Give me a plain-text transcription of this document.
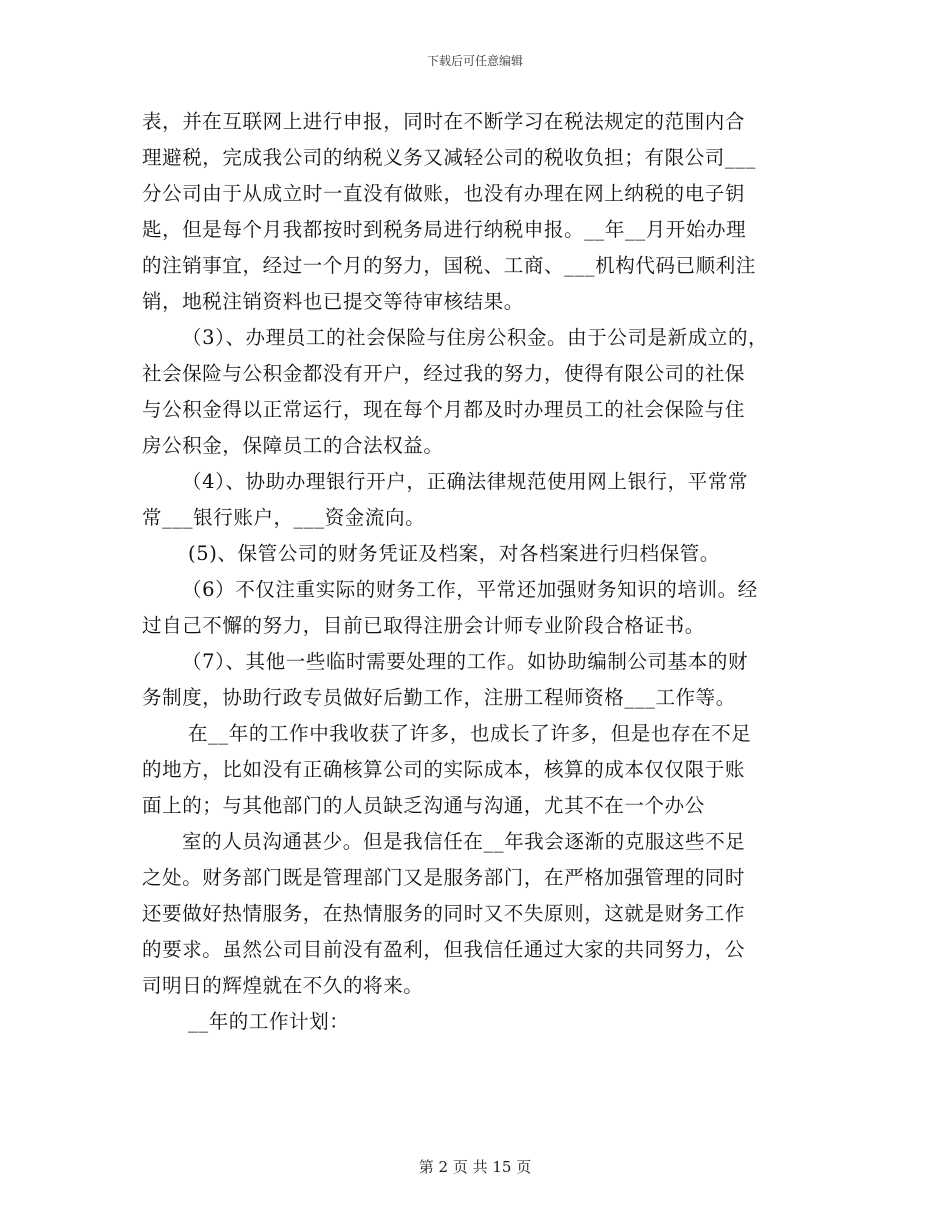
下载后可任意编辑
表，并在互联网上进行申报，同时在不断学习在税法规定的范围内合
理避税，完成我公司的纳税义务又减轻公司的税收负担；有限公司___
分公司由于从成立时一直没有做账，也没有办理在网上纳税的电子钥
匙，但是每个月我都按时到税务局进行纳税申报。__年__月开始办理
的注销事宜，经过一个月的努力，国税、工商、___机构代码已顺利注
销，地税注销资料也已提交等待审核结果。
（3）、办理员工的社会保险与住房公积金。由于公司是新成立的，
社会保险与公积金都没有开户，经过我的努力，使得有限公司的社保
与公积金得以正常运行，现在每个月都及时办理员工的社会保险与住
房公积金，保障员工的合法权益。
（4）、协助办理银行开户，正确法律规范使用网上银行，平常常
常___银行账户，___资金流向。
(5)、保管公司的财务凭证及档案，对各档案进行归档保管。
（6）不仅注重实际的财务工作，平常还加强财务知识的培训。经
过自己不懈的努力，目前已取得注册会计师专业阶段合格证书。
（7）、其他一些临时需要处理的工作。如协助编制公司基本的财
务制度，协助行政专员做好后勤工作，注册工程师资格___工作等。
在__年的工作中我收获了许多，也成长了许多，但是也存在不足
的地方，比如没有正确核算公司的实际成本，核算的成本仅仅限于账
面上的；与其他部门的人员缺乏沟通与沟通，尤其不在一个办公
室的人员沟通甚少。但是我信任在__年我会逐渐的克服这些不足
之处。财务部门既是管理部门又是服务部门，在严格加强管理的同时
还要做好热情服务，在热情服务的同时又不失原则，这就是财务工作
的要求。虽然公司目前没有盈利，但我信任通过大家的共同努力，公
司明日的辉煌就在不久的将来。
__年的工作计划：
第 2 页 共 15 页
